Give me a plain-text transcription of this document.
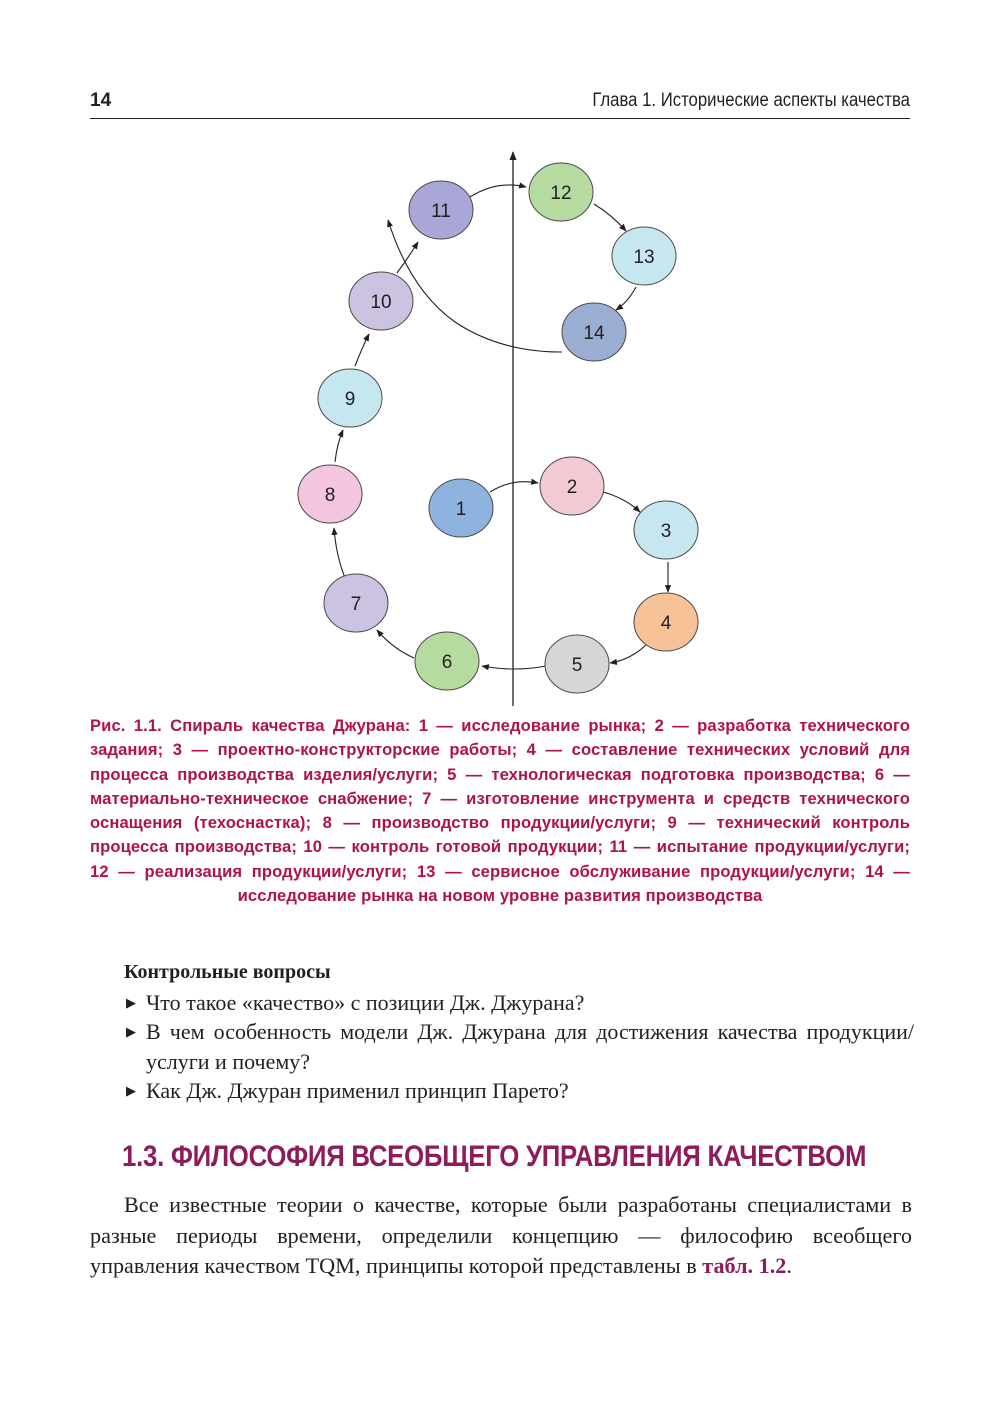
14	Глава 1. Исторические аспекты качества
1
2
3
4
5
6
7
8
9
10
11
12
13
14
Рис. 1.1. Спираль качества Джурана: 1 — исследование рынка; 2 — разработка технического задания; 3 — проектно-конструкторские работы; 4 — составление технических условий для процесса производства изделия/услуги; 5 — технологическая подготовка производства; 6 — материально-техническое снабжение; 7 — изготовление инструмента и средств технического оснащения (техоснастка); 8 — производство продукции/услуги; 9 — технический контроль процесса производства; 10 — контроль готовой продукции; 11 — испытание продукции/услуги; 12 — реализация продукции/услуги; 13 — сервисное обслуживание продукции/услуги; 14 — исследование рынка на новом уровне развития производства
Контрольные вопросы
▶ Что такое «качество» с позиции Дж. Джурана?
▶ В чем особенность модели Дж. Джурана для достижения качества продукции/услуги и почему?
▶ Как Дж. Джуран применил принцип Парето?
1.3. ФИЛОСОФИЯ ВСЕОБЩЕГО УПРАВЛЕНИЯ КАЧЕСТВОМ
Все известные теории о качестве, которые были разработаны специалистами в разные периоды времени, определили концепцию — философию всеобщего управления качеством TQM, принципы которой представлены в табл. 1.2.
